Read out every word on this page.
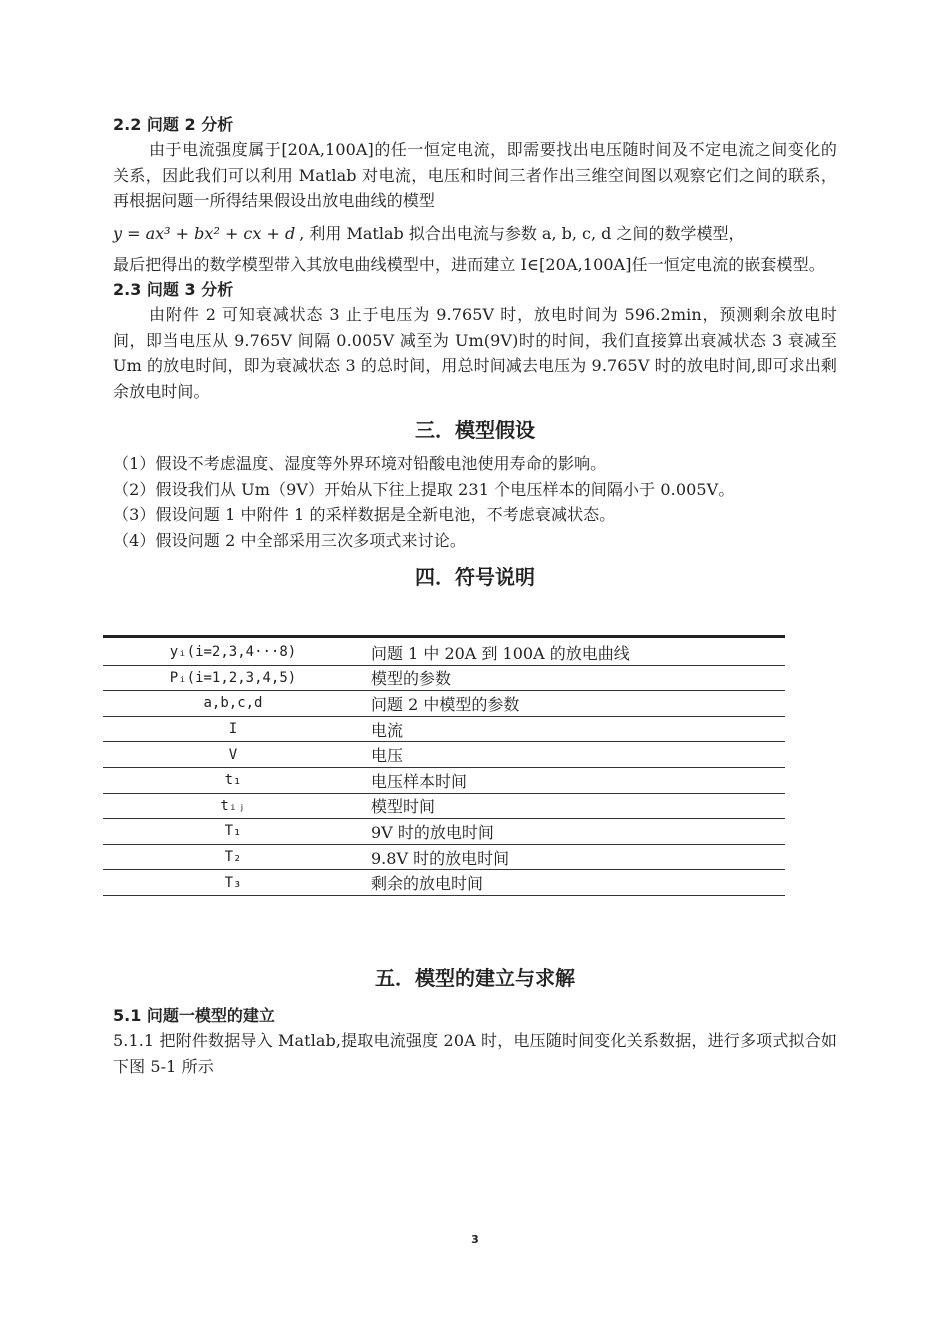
2.2 问题 2 分析

由于电流强度属于[20A,100A]的任一恒定电流，即需要找出电压随时间及不定电流之间变化的关系，因此我们可以利用 Matlab 对电流，电压和时间三者作出三维空间图以观察它们之间的联系，再根据问题一所得结果假设出放电曲线的模型

y = ax³ + bx² + cx + d , 利用 Matlab 拟合出电流与参数 a, b, c, d 之间的数学模型，

最后把得出的数学模型带入其放电曲线模型中，进而建立 I∈[20A,100A]任一恒定电流的嵌套模型。

2.3 问题 3 分析

由附件 2 可知衰减状态 3 止于电压为 9.765V 时，放电时间为 596.2min，预测剩余放电时间，即当电压从 9.765V 间隔 0.005V 减至为 Um(9V)时的时间，我们直接算出衰减状态 3 衰减至 Um 的放电时间，即为衰减状态 3 的总时间，用总时间减去电压为 9.765V 时的放电时间,即可求出剩余放电时间。

三．模型假设

（1）假设不考虑温度、湿度等外界环境对铅酸电池使用寿命的影响。

（2）假设我们从 Um（9V）开始从下往上提取 231 个电压样本的间隔小于 0.005V。

（3）假设问题 1 中附件 1 的采样数据是全新电池，不考虑衰减状态。

（4）假设问题 2 中全部采用三次多项式来讨论。

四．符号说明

yᵢ(i=2,3,4···8)	问题 1 中 20A 到 100A 的放电曲线
Pᵢ(i=1,2,3,4,5)	模型的参数
a,b,c,d	问题 2 中模型的参数
I	电流
V	电压
t₁	电压样本时间
tᵢⱼ	模型时间
T₁	9V 时的放电时间
T₂	9.8V 时的放电时间
T₃	剩余的放电时间

五．模型的建立与求解

5.1 问题一模型的建立

5.1.1 把附件数据导入 Matlab,提取电流强度 20A 时，电压随时间变化关系数据，进行多项式拟合如下图 5-1 所示

3
